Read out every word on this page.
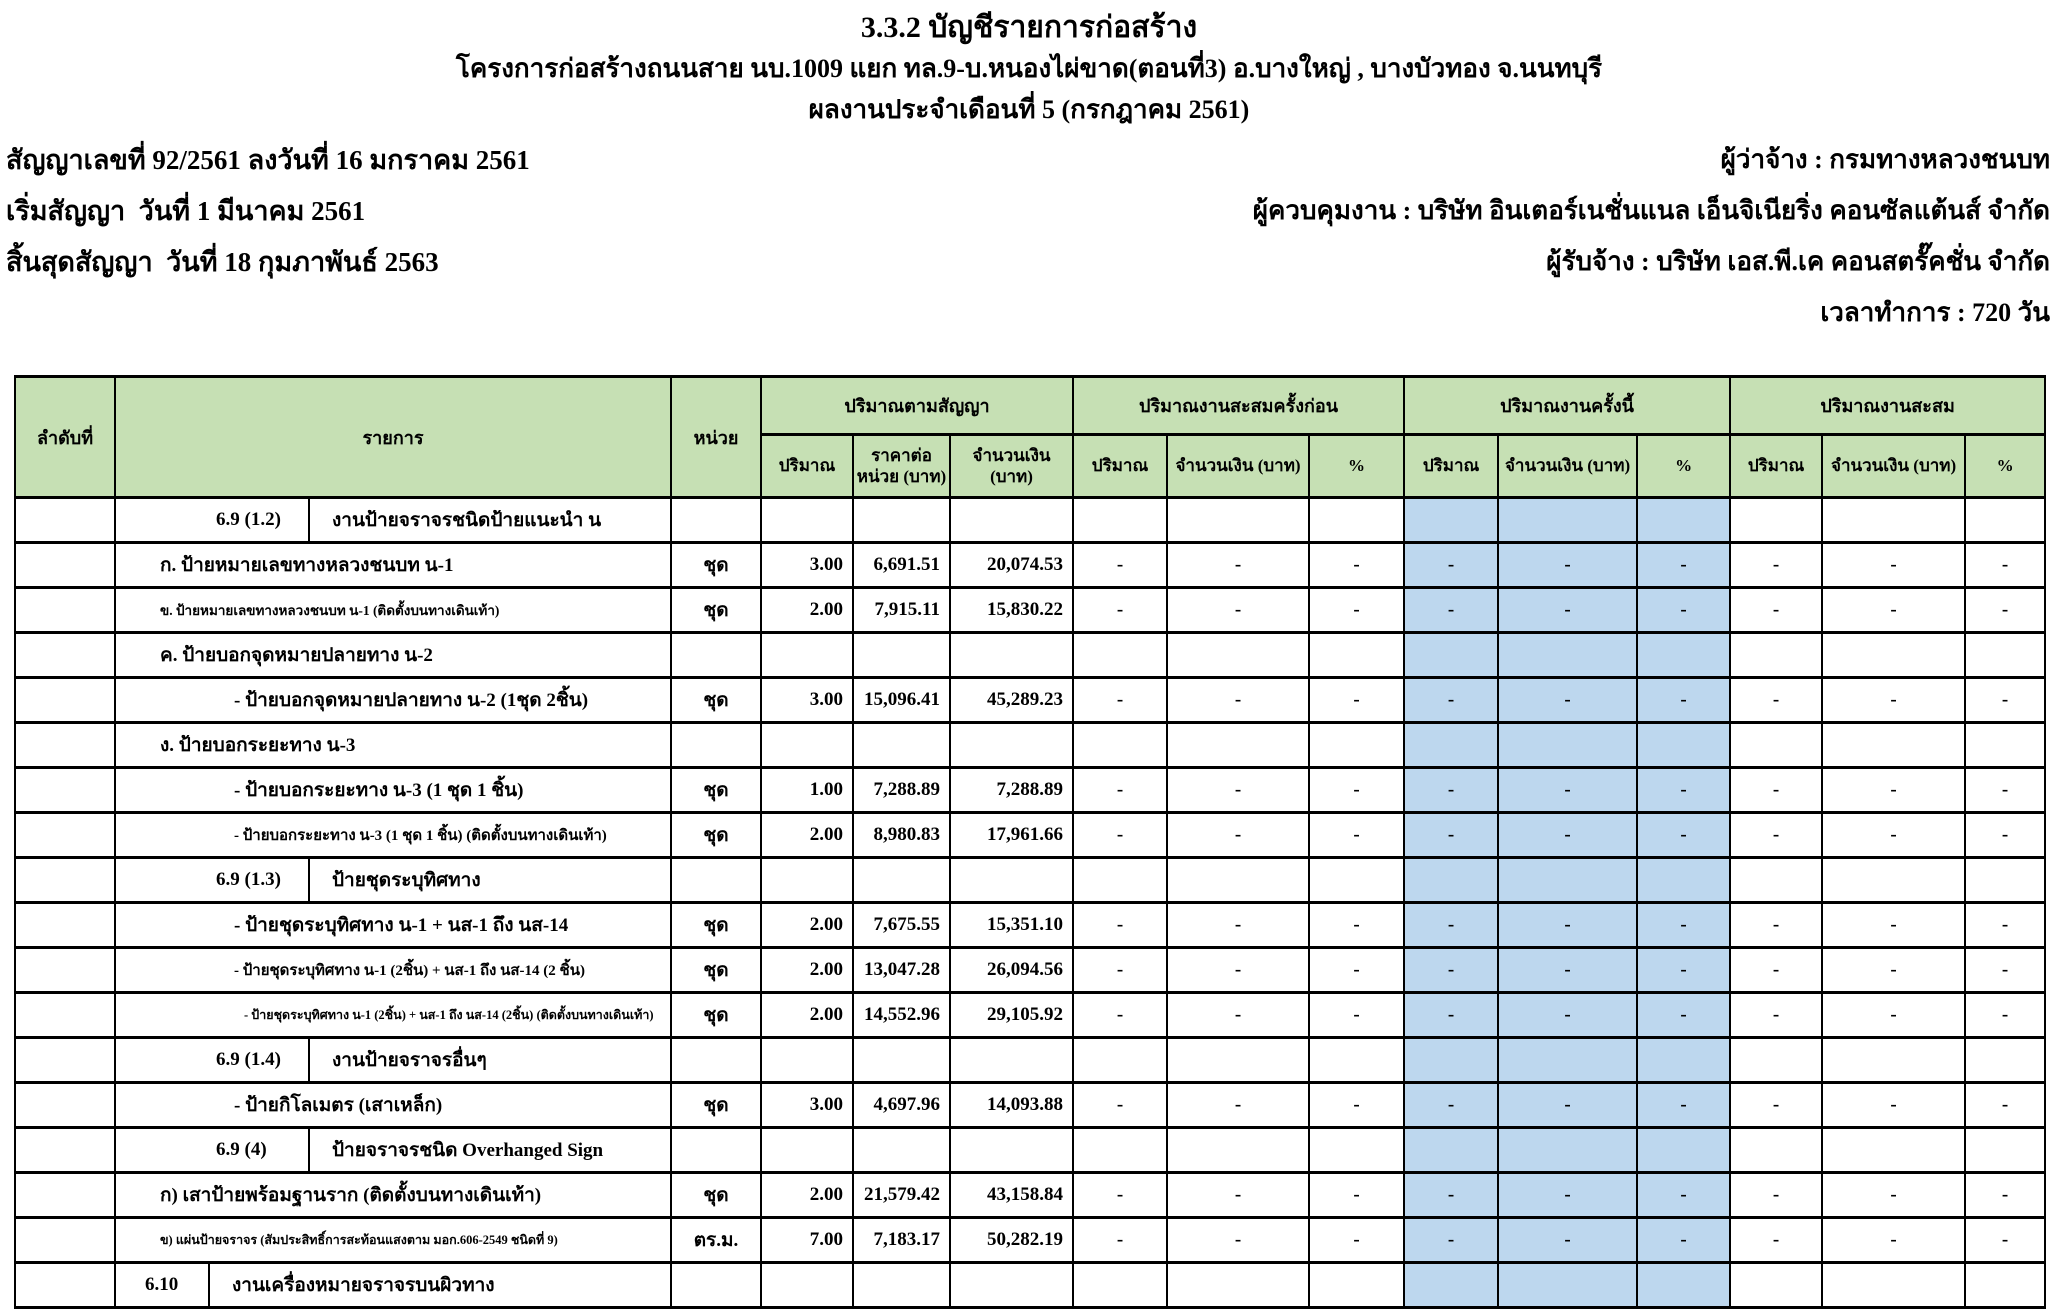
3.3.2 บัญชีรายการก่อสร้าง
โครงการก่อสร้างถนนสาย นบ.1009 แยก ทล.9-บ.หนองไผ่ขาด(ตอนที่3) อ.บางใหญ่ , บางบัวทอง จ.นนทบุรี
ผลงานประจำเดือนที่ 5 (กรกฎาคม 2561)
สัญญาเลขที่ 92/2561 ลงวันที่ 16 มกราคม 2561	ผู้ว่าจ้าง : กรมทางหลวงชนบท
เริ่มสัญญา  วันที่ 1 มีนาคม 2561	ผู้ควบคุมงาน : บริษัท อินเตอร์เนชั่นแนล เอ็นจิเนียริ่ง คอนซัลแต้นส์ จำกัด
สิ้นสุดสัญญา  วันที่ 18 กุมภาพันธ์ 2563	ผู้รับจ้าง : บริษัท เอส.พี.เค คอนสตรั๊คชั่น จำกัด
เวลาทำการ : 720 วัน
ลำดับที่	รายการ	หน่วย	ปริมาณตามสัญญา			ปริมาณงานสะสมครั้งก่อน			ปริมาณงานครั้งนี้			ปริมาณงานสะสม		
			ปริมาณ	ราคาต่อ หน่วย (บาท)	จำนวนเงิน (บาท)	ปริมาณ	จำนวนเงิน (บาท)	%	ปริมาณ	จำนวนเงิน (บาท)	%	ปริมาณ	จำนวนเงิน (บาท)	%

6.9 (1.2) งานป้ายจราจรชนิดป้ายแนะนำ น													

ก. ป้ายหมายเลขทางหลวงชนบท น-1	ชุด	3.00	6,691.51	20,074.53	-	-	-	-	-	-	-	-	-

ข. ป้ายหมายเลขทางหลวงชนบท น-1 (ติดตั้งบนทางเดินเท้า)	ชุด	2.00	7,915.11	15,830.22	-	-	-	-	-	-	-	-	-

ค. ป้ายบอกจุดหมายปลายทาง น-2													

- ป้ายบอกจุดหมายปลายทาง น-2 (1ชุด 2ชิ้น)	ชุด	3.00	15,096.41	45,289.23	-	-	-	-	-	-	-	-	-

ง. ป้ายบอกระยะทาง น-3													

- ป้ายบอกระยะทาง น-3 (1 ชุด 1 ชิ้น)	ชุด	1.00	7,288.89	7,288.89	-	-	-	-	-	-	-	-	-

- ป้ายบอกระยะทาง น-3 (1 ชุด 1 ชิ้น) (ติดตั้งบนทางเดินเท้า)	ชุด	2.00	8,980.83	17,961.66	-	-	-	-	-	-	-	-	-

6.9 (1.3) ป้ายชุดระบุทิศทาง													

- ป้ายชุดระบุทิศทาง น-1 + นส-1 ถึง นส-14	ชุด	2.00	7,675.55	15,351.10	-	-	-	-	-	-	-	-	-

- ป้ายชุดระบุทิศทาง น-1 (2ชิ้น) + นส-1 ถึง นส-14 (2 ชิ้น)	ชุด	2.00	13,047.28	26,094.56	-	-	-	-	-	-	-	-	-

- ป้ายชุดระบุทิศทาง น-1 (2ชิ้น) + นส-1 ถึง นส-14 (2ชิ้น) (ติดตั้งบนทางเดินเท้า)	ชุด	2.00	14,552.96	29,105.92	-	-	-	-	-	-	-	-	-

6.9 (1.4) งานป้ายจราจรอื่นๆ													

- ป้ายกิโลเมตร (เสาเหล็ก)	ชุด	3.00	4,697.96	14,093.88	-	-	-	-	-	-	-	-	-

6.9 (4) ป้ายจราจรชนิด Overhanged Sign													

ก) เสาป้ายพร้อมฐานราก (ติดตั้งบนทางเดินเท้า)	ชุด	2.00	21,579.42	43,158.84	-	-	-	-	-	-	-	-	-

ข) แผ่นป้ายจราจร (สัมประสิทธิ์การสะท้อนแสงตาม มอก.606-2549 ชนิดที่ 9)	ตร.ม.	7.00	7,183.17	50,282.19	-	-	-	-	-	-	-	-	-

6.10 งานเครื่องหมายจราจรบนผิวทาง													
